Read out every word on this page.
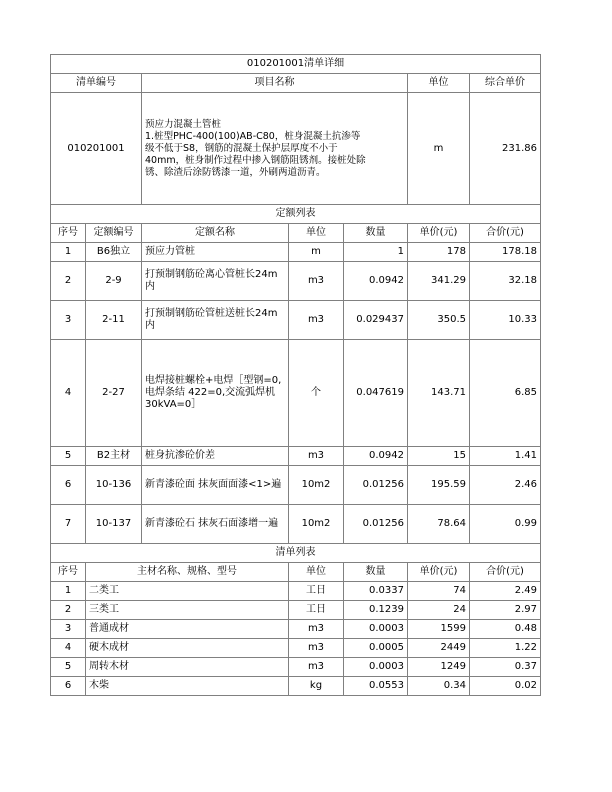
010201001清单详细						
清单编号		项目名称			单位	综合单价
010201001		预应力混凝土管桩
1.桩型PHC-400(100)AB-C80，桩身混凝土抗渗等
级不低于S8，钢筋的混凝土保护层厚度不小于
40mm，桩身制作过程中掺入钢筋阻锈剂。接桩处除
锈、除渣后涂防锈漆一道，外刷两道沥青。			m	231.86
定额列表						
序号	定额编号	定额名称	单位	数量	单价(元)	合价(元)
1	B6独立	预应力管桩	m	1	178	178.18
2	2-9	打预制钢筋砼离心管桩长24m内	m3	0.0942	341.29	32.18
3	2-11	打预制钢筋砼管桩送桩长24m内	m3	0.029437	350.5	10.33
4	2-27	电焊接桩螺栓+电焊［型钢=0,电焊条结 422=0,交流弧焊机30kVA=0］	个	0.047619	143.71	6.85
5	B2主材	桩身抗渗砼价差	m3	0.0942	15	1.41
6	10-136	新青漆砼面 抹灰面面漆<1>遍	10m2	0.01256	195.59	2.46
7	10-137	新青漆砼石 抹灰石面漆增一遍	10m2	0.01256	78.64	0.99
清单列表						
序号	主材名称、规格、型号		单位	数量	单价(元)	合价(元)
1	二类工		工日	0.0337	74	2.49
2	三类工		工日	0.1239	24	2.97
3	普通成材		m3	0.0003	1599	0.48
4	硬木成材		m3	0.0005	2449	1.22
5	周转木材		m3	0.0003	1249	0.37
6	木柴		kg	0.0553	0.34	0.02
